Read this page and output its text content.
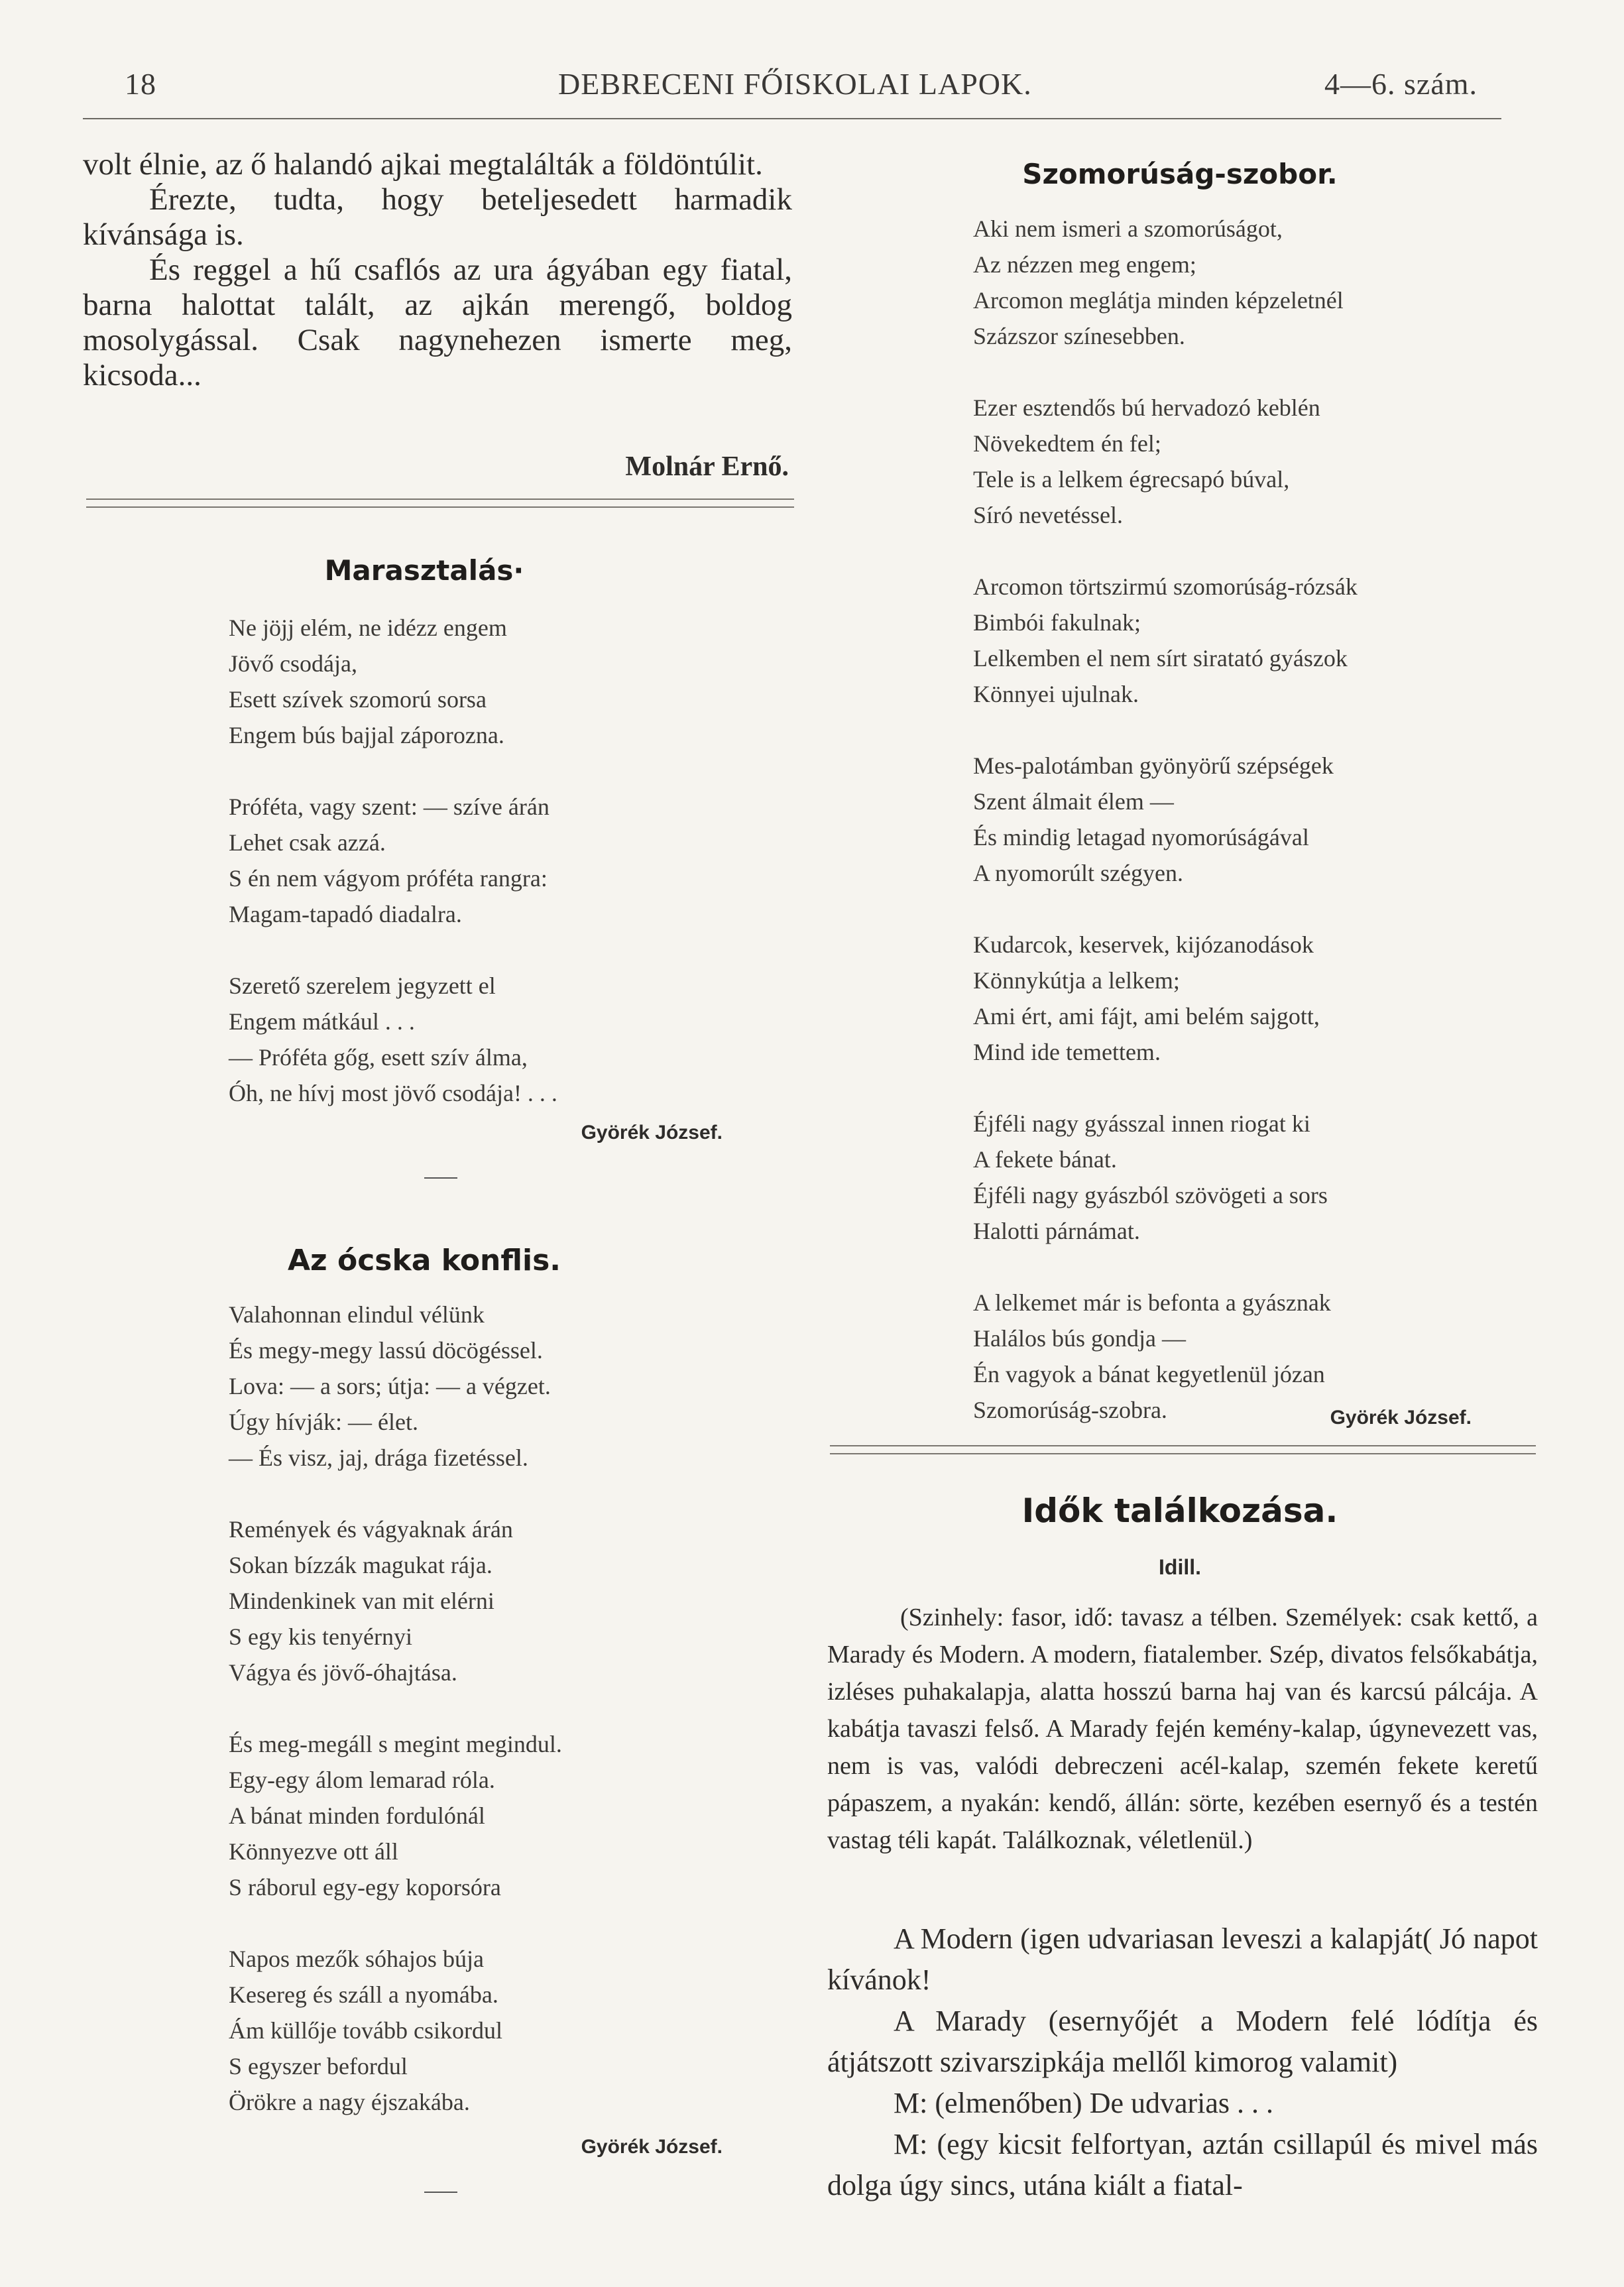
18	DEBRECENI FŐISKOLAI LAPOK.	4—6. szám.

volt élnie, az ő halandó ajkai megtalálták a földöntúlit.

Érezte, tudta, hogy beteljesedett harmadik kívánsága is.

És reggel a hű csaflós az ura ágyában egy fiatal, barna halottat talált, az ajkán merengő, boldog mosolygással. Csak nagynehezen ismerte meg, kicsoda...

Molnár Ernő.
Marasztalás·
Ne jöjj elém, ne idézz engem
Jövő csodája,
Esett szívek szomorú sorsa
Engem bús bajjal záporozna.
Próféta, vagy szent: — szíve árán
Lehet csak azzá.
S én nem vágyom próféta rangra:
Magam-tapadó diadalra.
Szerető szerelem jegyzett el
Engem mátkául . . .
— Próféta gőg, esett szív álma,
Óh, ne hívj most jövő csodája! . . .
Györék József.
Az ócska konflis.
Valahonnan elindul vélünk
És megy-megy lassú döcögéssel.
Lova: — a sors; útja: — a végzet.
Úgy hívják: — élet.
— És visz, jaj, drága fizetéssel.
Remények és vágyaknak árán
Sokan bízzák magukat rája.
Mindenkinek van mit elérni
S egy kis tenyérnyi
Vágya és jövő-óhajtása.
És meg-megáll s megint megindul.
Egy-egy álom lemarad róla.
A bánat minden fordulónál
Könnyezve ott áll
S ráborul egy-egy koporsóra
Napos mezők sóhajos búja
Kesereg és száll a nyomába.
Ám küllője tovább csikordul
S egyszer befordul
Örökre a nagy éjszakába.
Györék József.
Szomorúság-szobor.
Aki nem ismeri a szomorúságot,
Az nézzen meg engem;
Arcomon meglátja minden képzeletnél
Százszor színesebben.
Ezer esztendős bú hervadozó keblén
Növekedtem én fel;
Tele is a lelkem égrecsapó búval,
Síró nevetéssel.
Arcomon törtszirmú szomorúság-rózsák
Bimbói fakulnak;
Lelkemben el nem sírt siratató gyászok
Könnyei ujulnak.
Mes-palotámban gyönyörű szépségek
Szent álmait élem —
És mindig letagad nyomorúságával
A nyomorúlt szégyen.
Kudarcok, keservek, kijózanodások
Könnykútja a lelkem;
Ami ért, ami fájt, ami belém sajgott,
Mind ide temettem.
Éjféli nagy gyásszal innen riogat ki
A fekete bánat.
Éjféli nagy gyászból szövögeti a sors
Halotti párnámat.
A lelkemet már is befonta a gyásznak
Halálos bús gondja —
Én vagyok a bánat kegyetlenül józan
Szomorúság-szobra.	Györék József.
Idők találkozása.
Idill.

(Szinhely: fasor, idő: tavasz a télben. Személyek: csak kettő, a Marady és Modern. A modern, fiatalember. Szép, divatos felsőkabátja, izléses puhakalapja, alatta hosszú barna haj van és karcsú pálcája. A kabátja tavaszi felső. A Marady fején kemény-kalap, úgynevezett vas, nem is vas, valódi debreczeni acél-kalap, szemén fekete keretű pápaszem, a nyakán: kendő, állán: sörte, kezében esernyő és a testén vastag téli kapát. Találkoznak, véletlenül.)

A Modern (igen udvariasan leveszi a kalapját( Jó napot kívánok!

A Marady (esernyőjét a Modern felé lódítja és átjátszott szivarszipkája mellől kimorog valamit)

M: (elmenőben) De udvarias . . .

M: (egy kicsit felfortyan, aztán csillapúl és mivel más dolga úgy sincs, utána kiált a fiatal-
